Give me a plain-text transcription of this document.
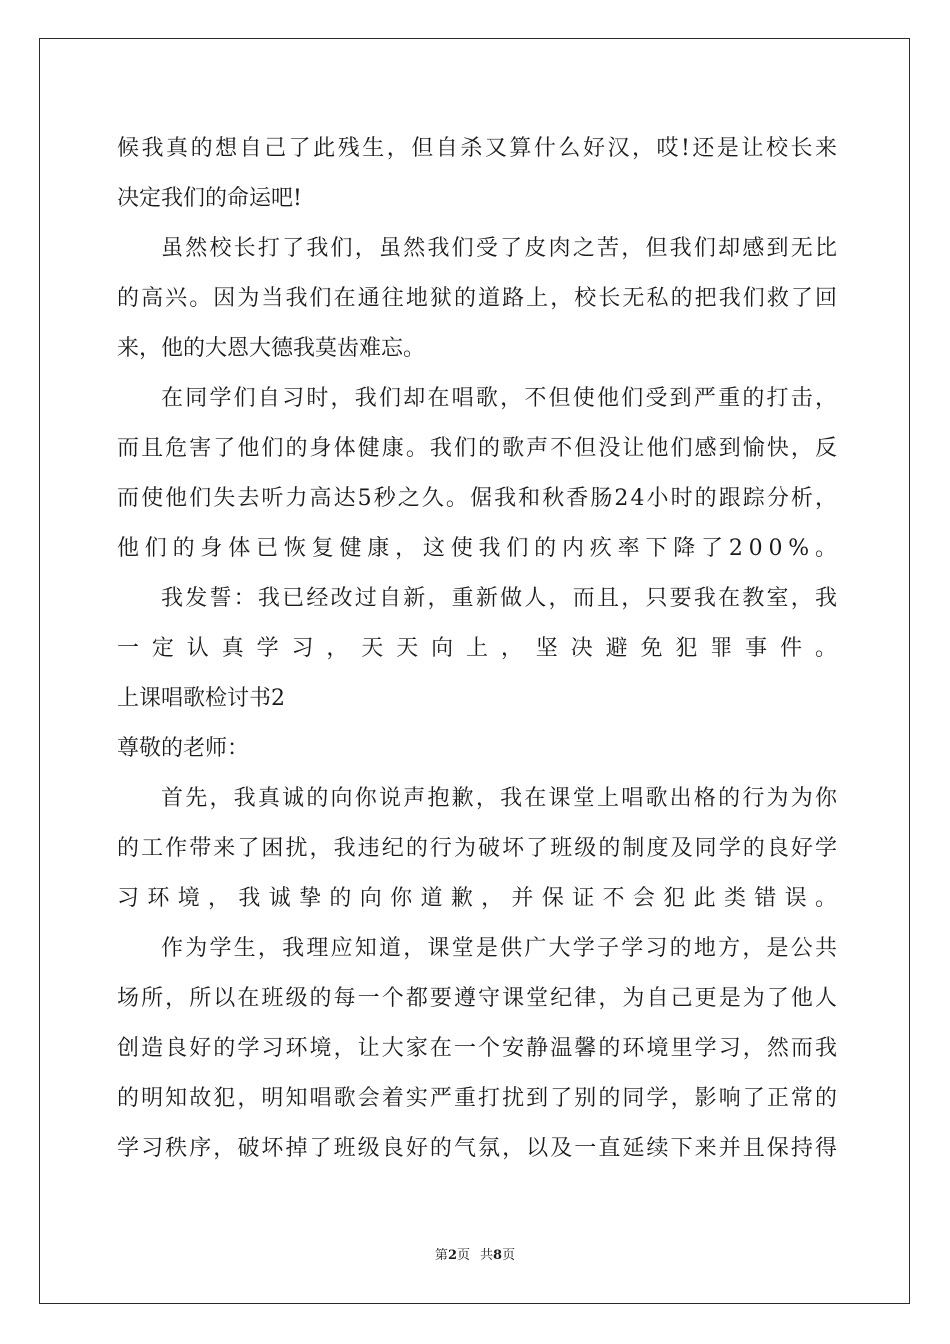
候我真的想自己了此残生，但自杀又算什么好汉，哎!还是让校长来
决定我们的命运吧!
虽然校长打了我们，虽然我们受了皮肉之苦，但我们却感到无比
的高兴。因为当我们在通往地狱的道路上，校长无私的把我们救了回
来，他的大恩大德我莫齿难忘。
在同学们自习时，我们却在唱歌，不但使他们受到严重的打击，
而且危害了他们的身体健康。我们的歌声不但没让他们感到愉快，反
而使他们失去听力高达5秒之久。倨我和秋香肠24小时的跟踪分析，
他们的身体已恢复健康，这使我们的内疚率下降了200%。
我发誓：我已经改过自新，重新做人，而且，只要我在教室，我
一定认真学习，天天向上，坚决避免犯罪事件。
上课唱歌检讨书2
尊敬的老师：
首先，我真诚的向你说声抱歉，我在课堂上唱歌出格的行为为你
的工作带来了困扰，我违纪的行为破坏了班级的制度及同学的良好学
习环境，我诚挚的向你道歉，并保证不会犯此类错误。
作为学生，我理应知道，课堂是供广大学子学习的地方，是公共
场所，所以在班级的每一个都要遵守课堂纪律，为自己更是为了他人
创造良好的学习环境，让大家在一个安静温馨的环境里学习，然而我
的明知故犯，明知唱歌会着实严重打扰到了别的同学，影响了正常的
学习秩序，破坏掉了班级良好的气氛，以及一直延续下来并且保持得
第2页 共8页
